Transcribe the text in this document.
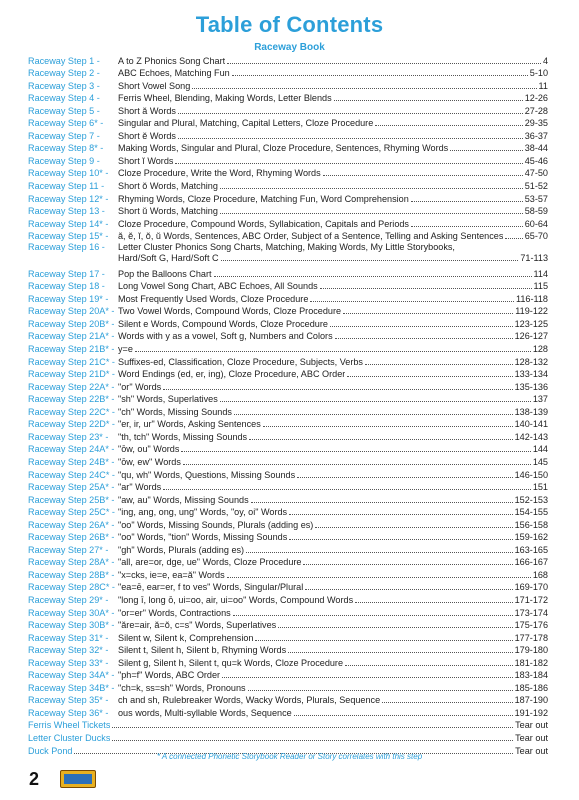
Table of Contents
Raceway Book
Raceway Step 1 -	A to Z Phonics Song Chart	4
Raceway Step 2 -	ABC Echoes, Matching Fun	5-10
Raceway Step 3 -	Short Vowel Song	11
Raceway Step 4 -	Ferris Wheel, Blending, Making Words, Letter Blends	12-26
Raceway Step 5 -	Short ă Words	27-28
Raceway Step 6* -	Singular and Plural, Matching, Capital Letters, Cloze Procedure	29-35
Raceway Step 7 -	Short ĕ Words	36-37
Raceway Step 8* -	Making Words, Singular and Plural, Cloze Procedure, Sentences, Rhyming Words	38-44
Raceway Step 9 -	Short ĭ Words	45-46
Raceway Step 10* -	Cloze Procedure, Write the Word, Rhyming Words	47-50
Raceway Step 11 -	Short ŏ Words, Matching	51-52
Raceway Step 12* -	Rhyming Words, Cloze Procedure, Matching Fun, Word Comprehension	53-57
Raceway Step 13 -	Short ŭ Words, Matching	58-59
Raceway Step 14* -	Cloze Procedure, Compound Words, Syllabication, Capitals and Periods	60-64
Raceway Step 15* -	ă, ĕ, ĭ, ŏ, ŭ Words, Sentences, ABC Order, Subject of a Sentence, Telling and Asking Sentences 65-70
Raceway Step 16 -	Letter Cluster Phonics Song Charts, Matching, Making Words, My Little Storybooks,
Hard/Soft G, Hard/Soft C	71-113
Raceway Step 17 -	Pop the Balloons Chart	114
Raceway Step 18 -	Long Vowel Song Chart, ABC Echoes, All Sounds	115
Raceway Step 19* -	Most Frequently Used Words, Cloze Procedure	116-118
Raceway Step 20A* - Two Vowel Words, Compound Words, Cloze Procedure	119-122
Raceway Step 20B* - Silent e Words, Compound Words, Cloze Procedure	123-125
Raceway Step 21A* - Words with y as a vowel, Soft g, Numbers and Colors	126-127
Raceway Step 21B* - y=e	128
Raceway Step 21C* - Suffixes-ed, Classification, Cloze Procedure, Subjects, Verbs	128-132
Raceway Step 21D* - Word Endings (ed, er, ing), Cloze Procedure, ABC Order	133-134
Raceway Step 22A* - "or" Words	135-136
Raceway Step 22B* - "sh" Words, Superlatives	137
Raceway Step 22C* - "ch" Words, Missing Sounds	138-139
Raceway Step 22D* - "er, ir, ur" Words, Asking Sentences	140-141
Raceway Step 23* -	"th, tch" Words, Missing Sounds	142-143
Raceway Step 24A* - "ōw, ou" Words	144
Raceway Step 24B* - "ōw, ew" Words	145
Raceway Step 24C* - "qu, wh" Words, Questions, Missing Sounds	146-150
Raceway Step 25A* - "ar" Words	151
Raceway Step 25B* - "aw, au" Words, Missing Sounds	152-153
Raceway Step 25C* - "ing, ang, ong, ung" Words, "oy, oi" Words	154-155
Raceway Step 26A* - "oo" Words, Missing Sounds, Plurals (adding es)	156-158
Raceway Step 26B* - "oo" Words, "tion" Words, Missing Sounds	159-162
Raceway Step 27* -	"gh" Words, Plurals (adding es)	163-165
Raceway Step 28A* - "all, are=or, dge, ue" Words, Cloze Procedure	166-167
Raceway Step 28B* - "x=cks, ie=e, ea=ă" Words	168
Raceway Step 28C* - "ea=ē, ear=er, f to ves" Words, Singular/Plural	169-170
Raceway Step 29* -	"long ī, long ō, ui=oo, air, ui=oo" Words, Compound Words	171-172
Raceway Step 30A* - "or=er" Words, Contractions	173-174
Raceway Step 30B* - "ăre=air, ă=ŏ, c=s" Words, Superlatives	175-176
Raceway Step 31* -	Silent w, Silent k, Comprehension	177-178
Raceway Step 32* -	Silent t, Silent h, Silent b, Rhyming Words	179-180
Raceway Step 33* -	Silent g, Silent h, Silent t, qu=k Words, Cloze Procedure	181-182
Raceway Step 34A* - "ph=f" Words, ABC Order	183-184
Raceway Step 34B* - "ch=k, ss=sh" Words, Pronouns	185-186
Raceway Step 35* -	ch and sh, Rulebreaker Words, Wacky Words, Plurals, Sequence	187-190
Raceway Step 36* -	ous words, Multi-syllable Words, Sequence	191-192
Ferris Wheel Tickets	Tear out
Letter Cluster Ducks	Tear out
Duck Pond	Tear out
* A connected Phonetic Storybook Reader or Story correlates with this step
2
